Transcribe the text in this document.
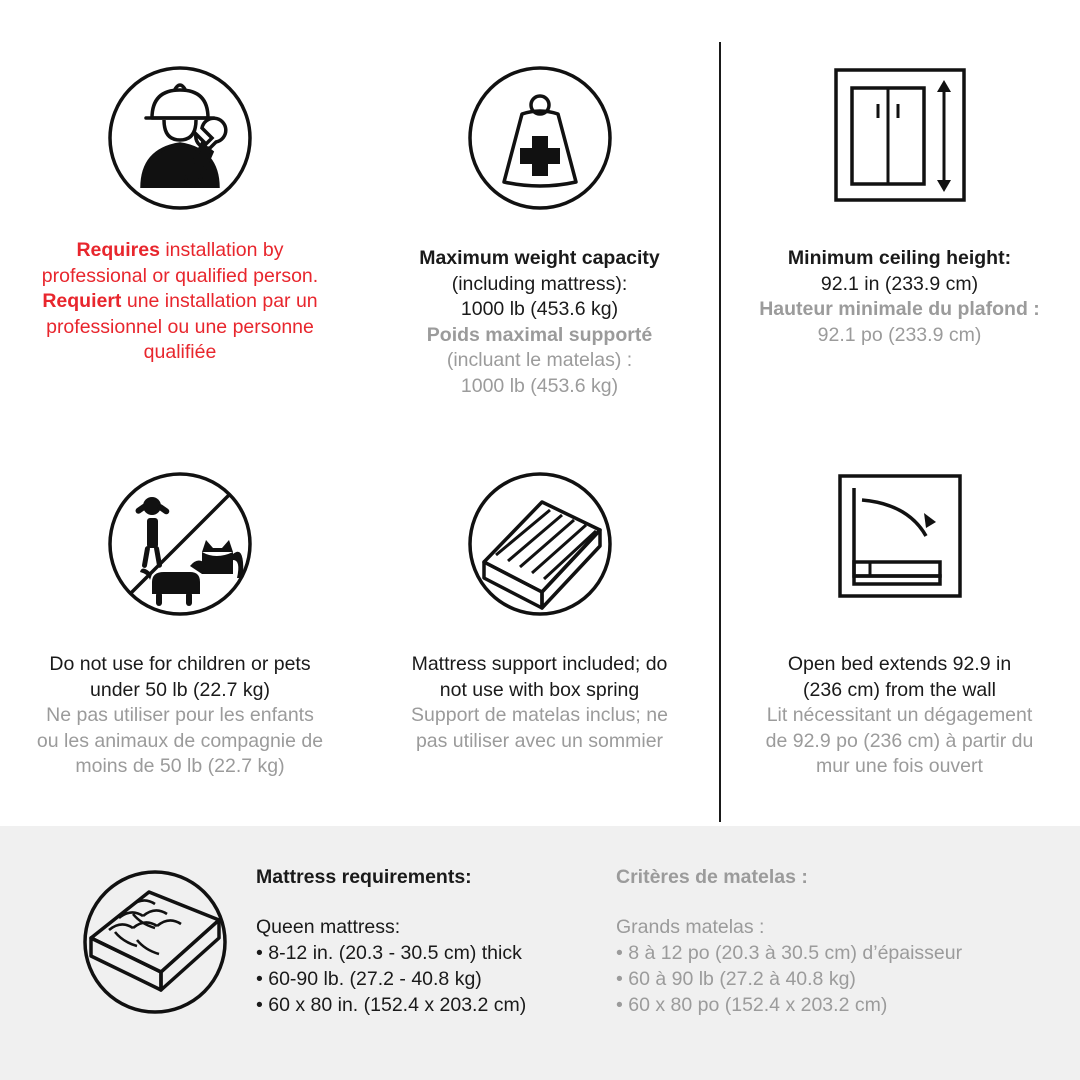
Requires installation by
professional or qualified person.
Requiert une installation par un
professionnel ou une personne
qualifiée
Maximum weight capacity
(including mattress):
1000 lb (453.6 kg)
Poids maximal supporté
(incluant le matelas) :
1000 lb (453.6 kg)
Minimum ceiling height:
92.1 in (233.9 cm)
Hauteur minimale du plafond :
92.1 po (233.9 cm)
Do not use for children or pets
under 50 lb (22.7 kg)
Ne pas utiliser pour les enfants
ou les animaux de compagnie de
moins de 50 lb (22.7 kg)
Mattress support included; do
not use with box spring
Support de matelas inclus; ne
pas utiliser avec un sommier
Open bed extends 92.9 in
(236 cm) from the wall
Lit nécessitant un dégagement
de 92.9 po (236 cm) à partir du
mur une fois ouvert
Mattress requirements:
Queen mattress:
• 8-12 in. (20.3 - 30.5 cm) thick
• 60-90 lb. (27.2 - 40.8 kg)
• 60 x 80 in. (152.4 x 203.2 cm)
Critères de matelas :
Grands matelas :
• 8 à 12 po (20.3 à 30.5 cm) d’épaisseur
• 60 à 90 lb (27.2 à 40.8 kg)
• 60 x 80 po (152.4 x 203.2 cm)
